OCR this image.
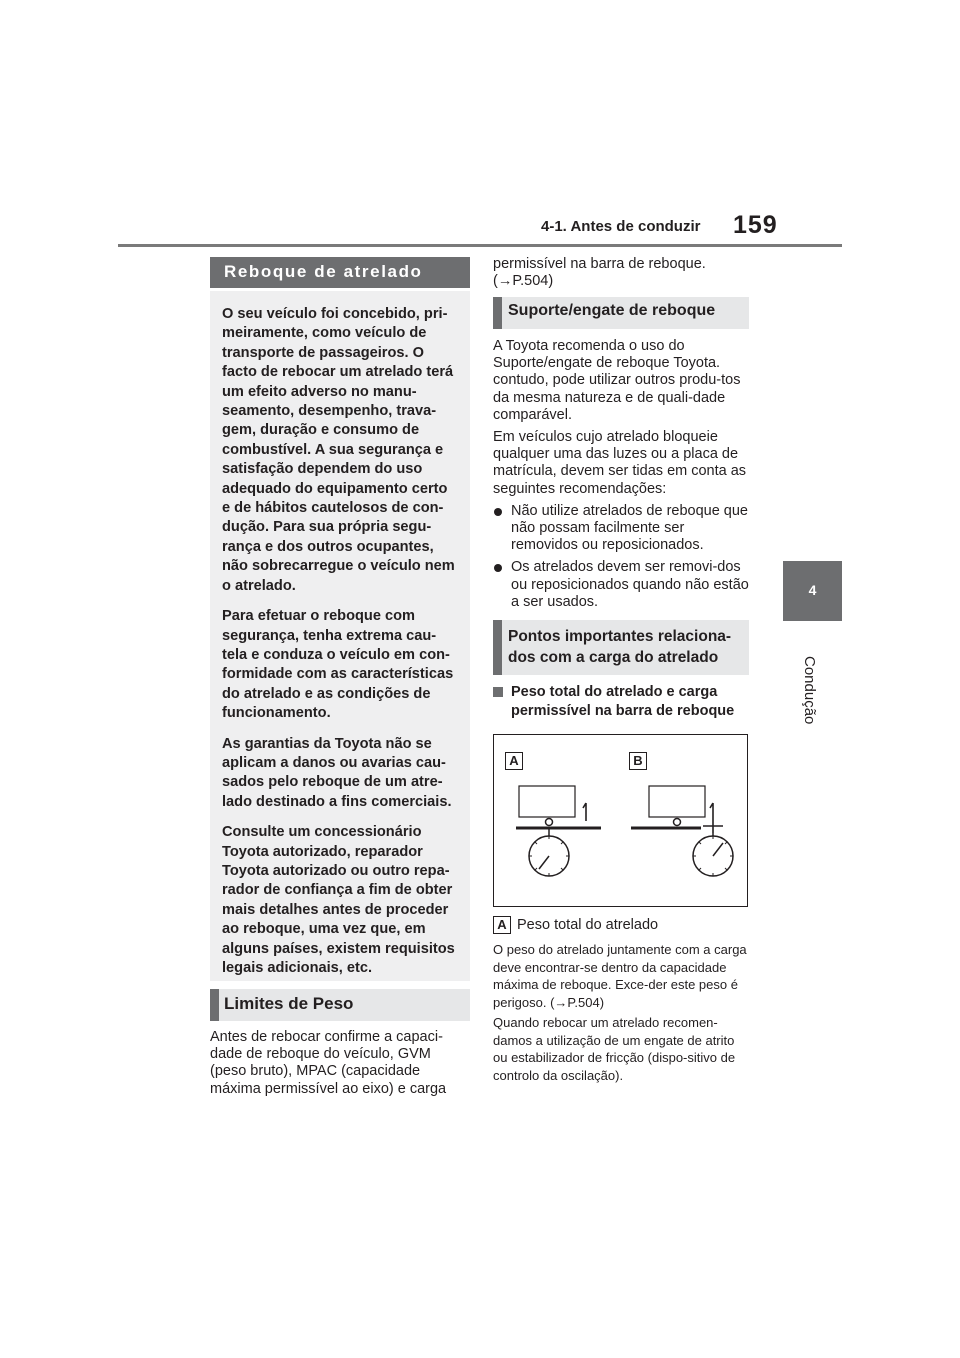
4-1. Antes de conduzir 159
4
Condução
Reboque de atrelado

O seu veículo foi concebido, pri-meiramente, como veículo de transporte de passageiros. O facto de rebocar um atrelado terá um efeito adverso no manu-seamento, desempenho, trava-gem, duração e consumo de combustível. A sua segurança e satisfação dependem do uso adequado do equipamento certo e de hábitos cautelosos de con-dução. Para sua própria segu-rança e dos outros ocupantes, não sobrecarregue o veículo nem o atrelado.

Para efetuar o reboque com segurança, tenha extrema cau-tela e conduza o veículo em con-formidade com as características do atrelado e as condições de funcionamento.

As garantias da Toyota não se aplicam a danos ou avarias cau-sados pelo reboque de um atre-lado destinado a fins comerciais.

Consulte um concessionário Toyota autorizado, reparador Toyota autorizado ou outro repa-rador de confiança a fim de obter mais detalhes antes de proceder ao reboque, uma vez que, em alguns países, existem requisitos legais adicionais, etc.

Limites de Peso
Antes de rebocar confirme a capaci-dade de reboque do veículo, GVM (peso bruto), MPAC (capacidade máxima permissível ao eixo) e carga
permissível na barra de reboque. (→P.504)
Suporte/engate de reboque

A Toyota recomenda o uso do Suporte/engate de reboque Toyota. contudo, pode utilizar outros produ-tos da mesma natureza e de quali-dade comparável.

Em veículos cujo atrelado bloqueie qualquer uma das luzes ou a placa de matrícula, devem ser tidas em conta as seguintes recomendações:

Não utilize atrelados de reboque que não possam facilmente ser removidos ou reposicionados.
Os atrelados devem ser removi-dos ou reposicionados quando não estão a ser usados.
Pontos importantes relaciona-dos com a carga do atrelado
Peso total do atrelado e carga permissível na barra de reboque
A	B
A Peso total do atrelado

O peso do atrelado juntamente com a carga deve encontrar-se dentro da capacidade máxima de reboque. Exce-der este peso é perigoso. (→P.504)

Quando rebocar um atrelado recomen-damos a utilização de um engate de atrito ou estabilizador de fricção (dispo-sitivo de controlo da oscilação).
